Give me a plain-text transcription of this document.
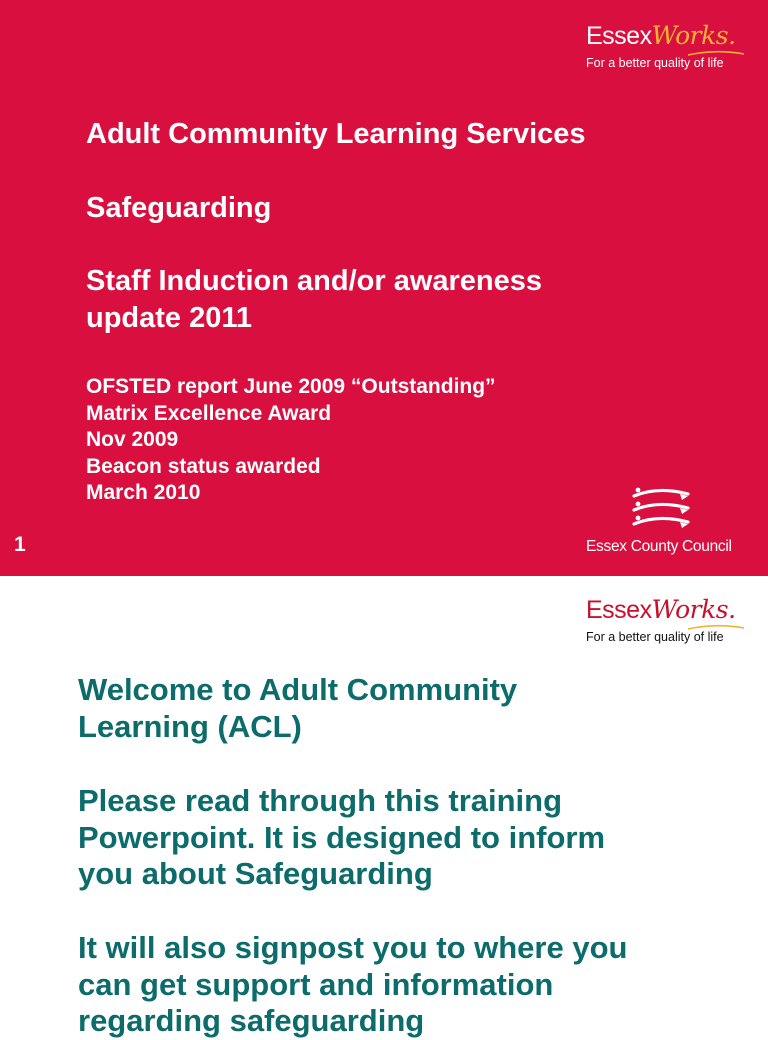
EssexWorks.
For a better quality of life
Adult Community Learning Services
Safeguarding
Staff Induction and/or awareness
update 2011
OFSTED report June 2009 “Outstanding”
Matrix Excellence Award
Nov 2009
Beacon status awarded
March 2010
1	Essex County Council
EssexWorks.
For a better quality of life
Welcome to Adult Community
Learning (ACL)
Please read through this training
Powerpoint. It is designed to inform
you about Safeguarding
It will also signpost you to where you
can get support and information
regarding safeguarding
